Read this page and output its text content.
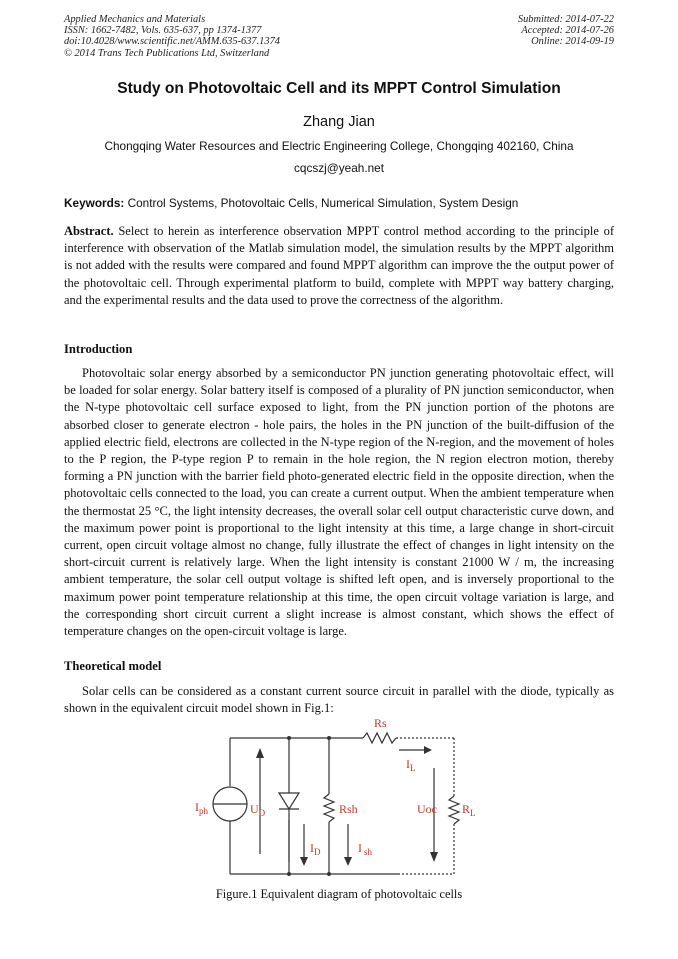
Applied Mechanics and Materials
ISSN: 1662-7482, Vols. 635-637, pp 1374-1377
doi:10.4028/www.scientific.net/AMM.635-637.1374
© 2014 Trans Tech Publications Ltd, Switzerland
Submitted: 2014-07-22
Accepted: 2014-07-26
Online: 2014-09-19
Study on Photovoltaic Cell and its MPPT Control Simulation
Zhang Jian
Chongqing Water Resources and Electric Engineering College, Chongqing 402160, China
cqcszj@yeah.net
Keywords: Control Systems, Photovoltaic Cells, Numerical Simulation, System Design
Abstract. Select to herein as interference observation MPPT control method according to the principle of interference with observation of the Matlab simulation model, the simulation results by the MPPT algorithm is not added with the results were compared and found MPPT algorithm can improve the the output power of the photovoltaic cell. Through experimental platform to build, complete with MPPT way battery charging, and the experimental results and the data used to prove the correctness of the algorithm.
Introduction
Photovoltaic solar energy absorbed by a semiconductor PN junction generating photovoltaic effect, will be loaded for solar energy. Solar battery itself is composed of a plurality of PN junction semiconductor, when the N-type photovoltaic cell surface exposed to light, from the PN junction portion of the photons are absorbed closer to generate electron - hole pairs, the holes in the PN junction of the built-diffusion of the applied electric field, electrons are collected in the N-type region of the N-region, and the movement of holes to the P region, the P-type region P to remain in the hole region, the N region electron motion, thereby forming a PN junction with the barrier field photo-generated electric field in the opposite direction, when the photovoltaic cells connected to the load, you can create a current output. When the ambient temperature when the thermostat 25 °C, the light intensity decreases, the overall solar cell output characteristic curve down, and the maximum power point is proportional to the light intensity at this time, a large change in short-circuit current, open circuit voltage almost no change, fully illustrate the effect of changes in light intensity on the short-circuit current is relatively large. When the light intensity is constant 21000 W / m, the increasing ambient temperature, the solar cell output voltage is shifted left open, and is inversely proportional to the maximum power point temperature relationship at this time, the open circuit voltage variation is large, and the corresponding short circuit current a slight increase is almost constant, which shows the effect of temperature changes on the open-circuit voltage is large.
Theoretical model
Solar cells can be considered as a constant current source circuit in parallel with the diode, typically as shown in the equivalent circuit model shown in Fig.1:
Rs
$I_L$
$I_{ph}$	$U_D$	Rsh	Uoc $R_L$
$I_D$	I $_{sh}$
Figure.1 Equivalent diagram of photovoltaic cells
